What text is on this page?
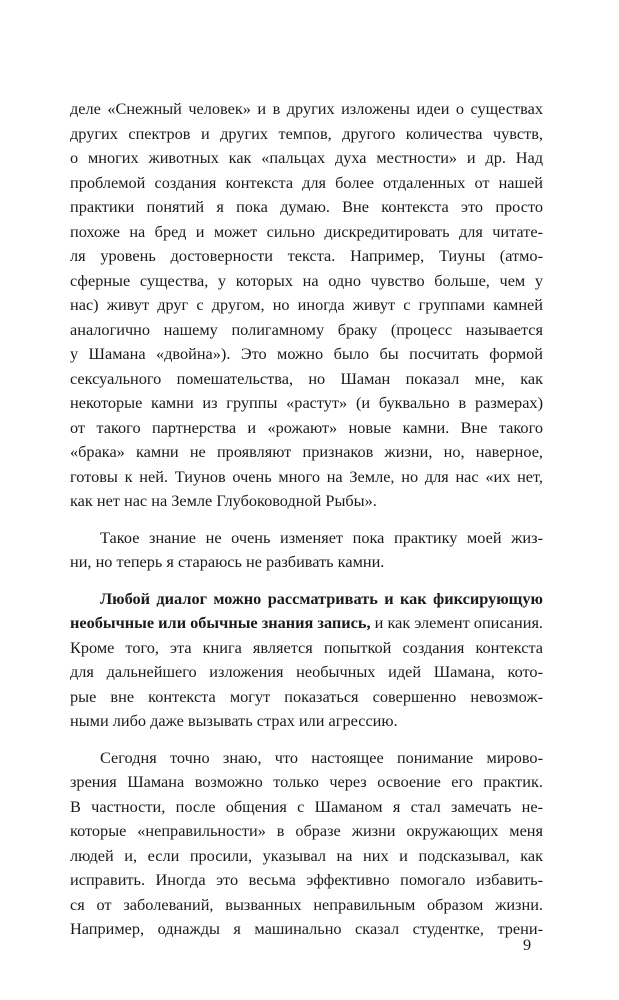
деле «Снежный человек» и в других изложены идеи о существах
других спектров и других темпов, другого количества чувств,
о многих животных как «пальцах духа местности» и др. Над
проблемой создания контекста для более отдаленных от нашей
практики понятий я пока думаю. Вне контекста это просто
похоже на бред и может сильно дискредитировать для читате-
ля уровень достоверности текста. Например, Тиуны (атмо-
сферные существа, у которых на одно чувство больше, чем у
нас) живут друг с другом, но иногда живут с группами камней
аналогично нашему полигамному браку (процесс называется
у Шамана «двойна»). Это можно было бы посчитать формой
сексуального помешательства, но Шаман показал мне, как
некоторые камни из группы «растут» (и буквально в размерах)
от такого партнерства и «рожают» новые камни. Вне такого
«брака» камни не проявляют признаков жизни, но, наверное,
готовы к ней. Тиунов очень много на Земле, но для нас «их нет,
как нет нас на Земле Глубоководной Рыбы».
Такое знание не очень изменяет пока практику моей жиз-
ни, но теперь я стараюсь не разбивать камни.
Любой диалог можно рассматривать и как фиксирующую
необычные или обычные знания запись, и как элемент описания.
Кроме того, эта книга является попыткой создания контекста
для дальнейшего изложения необычных идей Шамана, кото-
рые вне контекста могут показаться совершенно невозмож-
ными либо даже вызывать страх или агрессию.
Сегодня точно знаю, что настоящее понимание мирово-
зрения Шамана возможно только через освоение его практик.
В частности, после общения с Шаманом я стал замечать не-
которые «неправильности» в образе жизни окружающих меня
людей и, если просили, указывал на них и подсказывал, как
исправить. Иногда это весьма эффективно помогало избавить-
ся от заболеваний, вызванных неправильным образом жизни.
Например, однажды я машинально сказал студентке, трени-
9
